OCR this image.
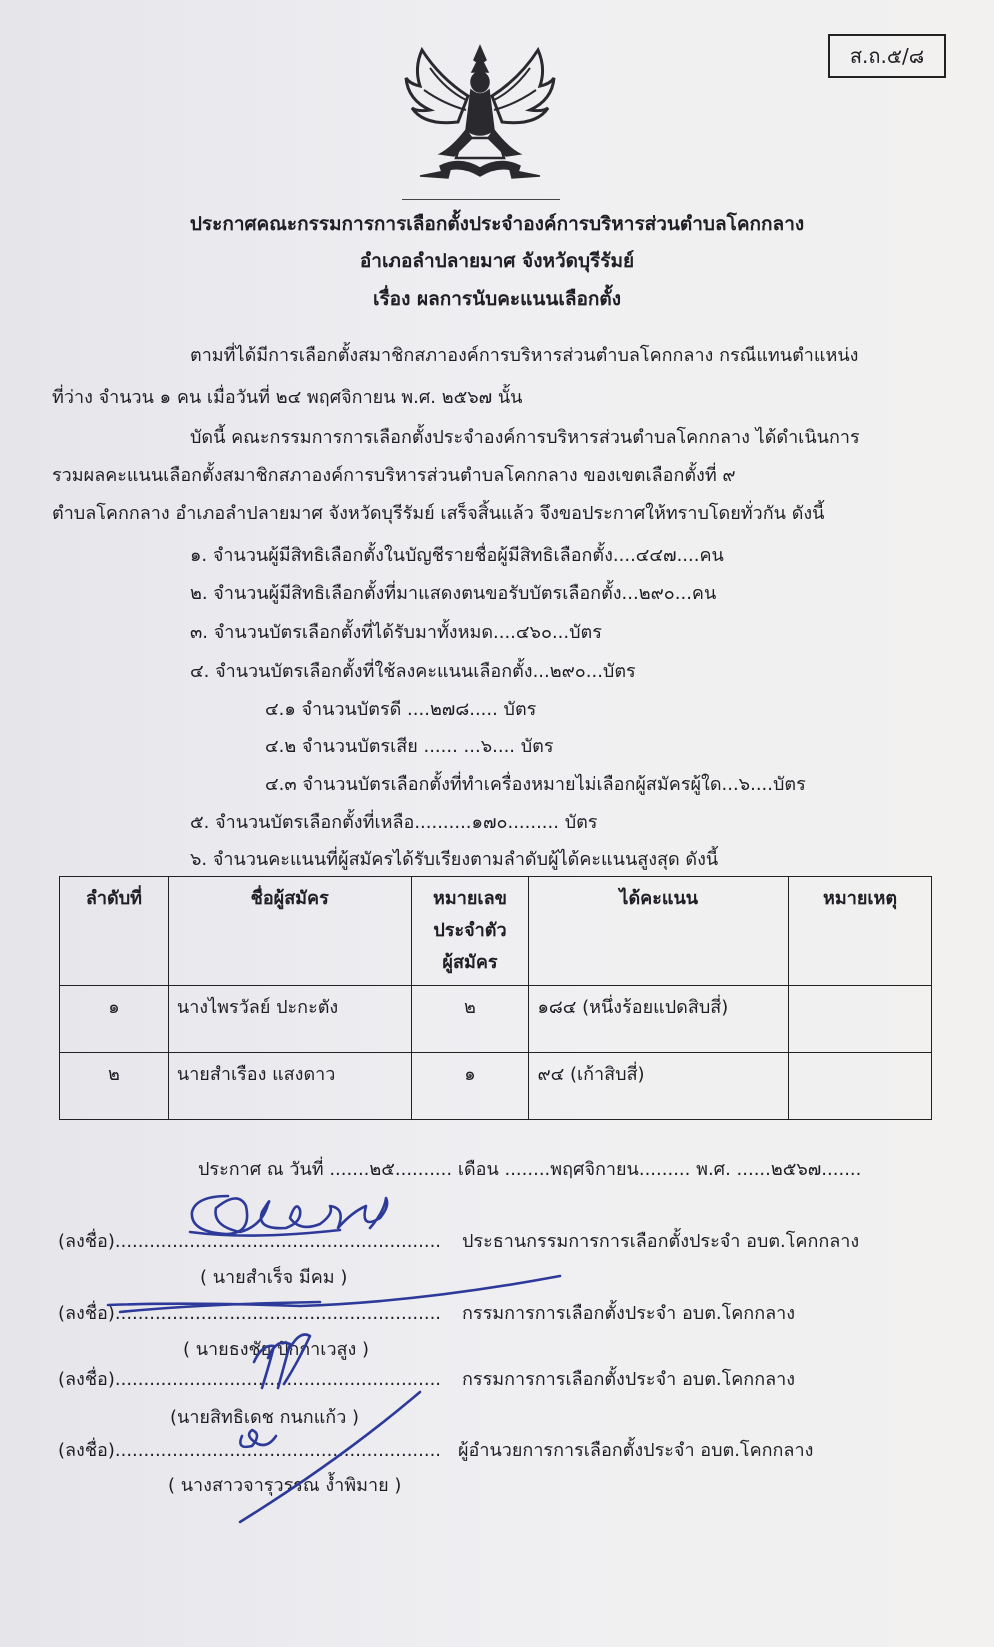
ส.ถ.๕/๘
ประกาศคณะกรรมการการเลือกตั้งประจำองค์การบริหารส่วนตำบลโคกกลาง
อำเภอลำปลายมาศ จังหวัดบุรีรัมย์
เรื่อง ผลการนับคะแนนเลือกตั้ง
ตามที่ได้มีการเลือกตั้งสมาชิกสภาองค์การบริหารส่วนตำบลโคกกลาง กรณีแทนตำแหน่ง
ที่ว่าง จำนวน ๑ คน เมื่อวันที่ ๒๔ พฤศจิกายน พ.ศ. ๒๕๖๗ นั้น
บัดนี้ คณะกรรมการการเลือกตั้งประจำองค์การบริหารส่วนตำบลโคกกลาง ได้ดำเนินการ
รวมผลคะแนนเลือกตั้งสมาชิกสภาองค์การบริหารส่วนตำบลโคกกลาง ของเขตเลือกตั้งที่ ๙
ตำบลโคกกลาง อำเภอลำปลายมาศ จังหวัดบุรีรัมย์ เสร็จสิ้นแล้ว จึงขอประกาศให้ทราบโดยทั่วกัน ดังนี้
๑. จำนวนผู้มีสิทธิเลือกตั้งในบัญชีรายชื่อผู้มีสิทธิเลือกตั้ง....๔๔๗....คน
๒. จำนวนผู้มีสิทธิเลือกตั้งที่มาแสดงตนขอรับบัตรเลือกตั้ง...๒๙๐...คน
๓. จำนวนบัตรเลือกตั้งที่ได้รับมาทั้งหมด....๔๖๐...บัตร
๔. จำนวนบัตรเลือกตั้งที่ใช้ลงคะแนนเลือกตั้ง...๒๙๐...บัตร
๔.๑ จำนวนบัตรดี ....๒๗๘..... บัตร
๔.๒ จำนวนบัตรเสีย ...... ...๖.... บัตร
๔.๓ จำนวนบัตรเลือกตั้งที่ทำเครื่องหมายไม่เลือกผู้สมัครผู้ใด...๖....บัตร
๕. จำนวนบัตรเลือกตั้งที่เหลือ..........๑๗๐......... บัตร
๖. จำนวนคะแนนที่ผู้สมัครได้รับเรียงตามลำดับผู้ได้คะแนนสูงสุด ดังนี้
ลำดับที่	ชื่อผู้สมัคร	หมายเลข
ประจำตัว
ผู้สมัคร	ได้คะแนน	หมายเหตุ
๑	นางไพรวัลย์ ปะกะตัง	๒	๑๘๔ (หนึ่งร้อยแปดสิบสี่)	
๒	นายสำเรือง แสงดาว	๑	๙๔ (เก้าสิบสี่)	
ประกาศ ณ วันที่ .......๒๕.......... เดือน ........พฤศจิกายน......... พ.ศ. ......๒๕๖๗.......
(ลงชื่อ)......................................................... ประธานกรรมการการเลือกตั้งประจำ อบต.โคกกลาง
( นายสำเร็จ มีคม )
(ลงชื่อ)......................................................... กรรมการการเลือกตั้งประจำ อบต.โคกกลาง
( นายธงชัย ปักกาเวสูง )
(ลงชื่อ)......................................................... กรรมการการเลือกตั้งประจำ อบต.โคกกลาง
(นายสิทธิเดช กนกแก้ว )
(ลงชื่อ)......................................................... ผู้อำนวยการการเลือกตั้งประจำ อบต.โคกกลาง
( นางสาวจารุวรรณ ง้ำพิมาย )
